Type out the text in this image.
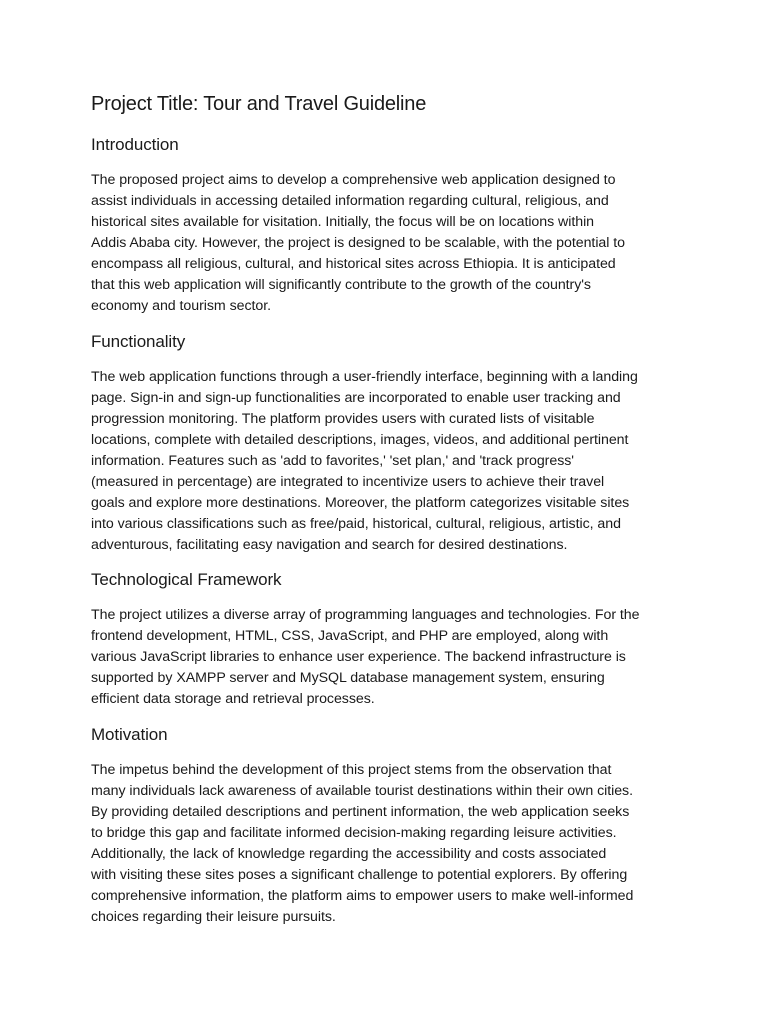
Project Title: Tour and Travel Guideline
Introduction
The proposed project aims to develop a comprehensive web application designed to
assist individuals in accessing detailed information regarding cultural, religious, and
historical sites available for visitation. Initially, the focus will be on locations within
Addis Ababa city. However, the project is designed to be scalable, with the potential to
encompass all religious, cultural, and historical sites across Ethiopia. It is anticipated
that this web application will significantly contribute to the growth of the country's
economy and tourism sector.
Functionality
The web application functions through a user-friendly interface, beginning with a landing
page. Sign-in and sign-up functionalities are incorporated to enable user tracking and
progression monitoring. The platform provides users with curated lists of visitable
locations, complete with detailed descriptions, images, videos, and additional pertinent
information. Features such as 'add to favorites,' 'set plan,' and 'track progress'
(measured in percentage) are integrated to incentivize users to achieve their travel
goals and explore more destinations. Moreover, the platform categorizes visitable sites
into various classifications such as free/paid, historical, cultural, religious, artistic, and
adventurous, facilitating easy navigation and search for desired destinations.
Technological Framework
The project utilizes a diverse array of programming languages and technologies. For the
frontend development, HTML, CSS, JavaScript, and PHP are employed, along with
various JavaScript libraries to enhance user experience. The backend infrastructure is
supported by XAMPP server and MySQL database management system, ensuring
efficient data storage and retrieval processes.
Motivation
The impetus behind the development of this project stems from the observation that
many individuals lack awareness of available tourist destinations within their own cities.
By providing detailed descriptions and pertinent information, the web application seeks
to bridge this gap and facilitate informed decision-making regarding leisure activities.
Additionally, the lack of knowledge regarding the accessibility and costs associated
with visiting these sites poses a significant challenge to potential explorers. By offering
comprehensive information, the platform aims to empower users to make well-informed
choices regarding their leisure pursuits.
